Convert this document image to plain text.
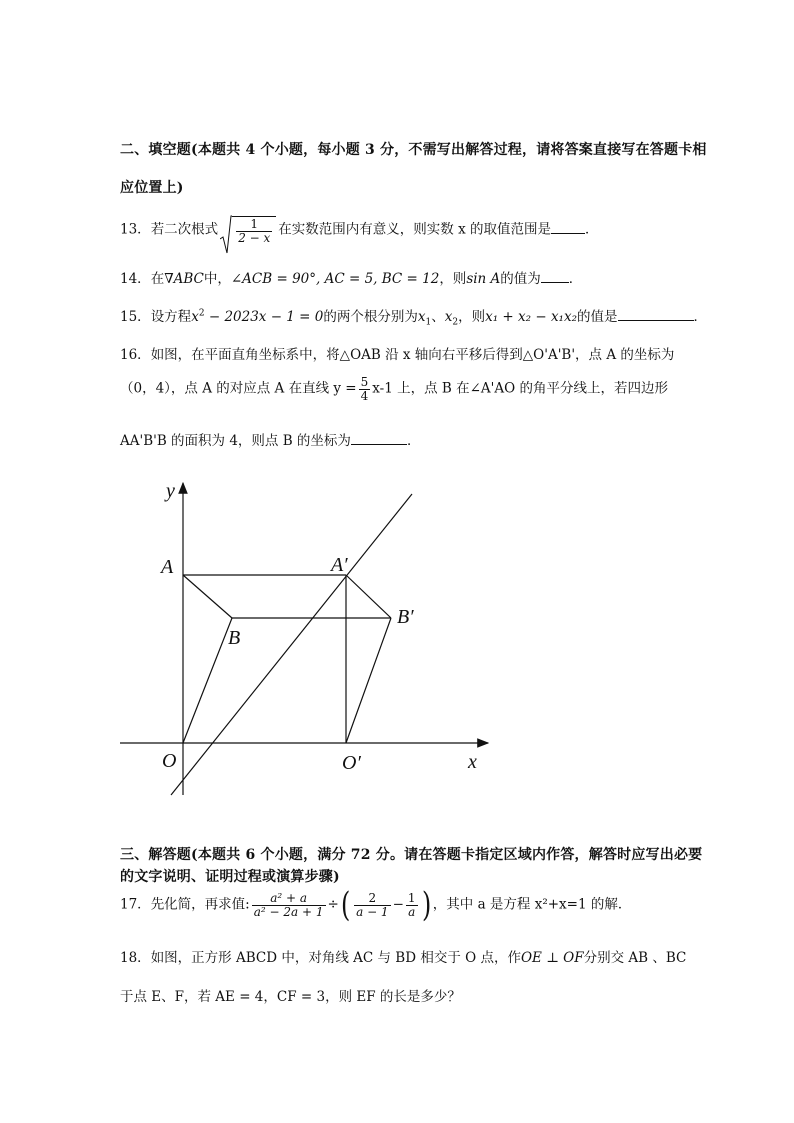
二、填空题(本题共 4 个小题，每小题 3 分，不需写出解答过程，请将答案直接写在答题卡相
应位置上)
13．若二次根式 $\frac{1}{2 - x}$ 在实数范围内有意义，则实数 x 的取值范围是	．
14．在∇ABC中，∠ACB = 90°, AC = 5, BC = 12，则sin A的值为 ．
15．设方程$x^2 - 2023x - 1 = 0$的两个根分别为$x_1$、$x_2$，则x₁ + x₂ − x₁x₂的值是	．
16．如图，在平面直角坐标系中，将△OAB 沿 x 轴向右平移后得到△O'A'B'，点 A 的坐标为
（0，4），点 A 的对应点 A 在直线 $y = \frac{5}{4} x-1$ 上，点 B 在∠A'AO 的角平分线上，若四边形
AA'B'B 的面积为 4，则点 B 的坐标为	．
y
x
A	A′
B
B′
O	O′
三、解答题(本题共 6 个小题，满分 72 分。请在答题卡指定区域内作答，解答时应写出必要
的文字说明、证明过程或演算步骤)
17．先化简，再求值: $\frac{\text{a² + a}}{\text{a² − 2a + 1}}$ ÷( $\frac{2}{a - 1} - \frac{1}{a}$ ) ，其中 a 是方程 x²+x=1 的解．
18．如图，正方形 ABCD 中，对角线 AC 与 BD 相交于 O 点，作OE ⊥ OF分别交 AB 、BC
于点 E、F，若 AE = 4，CF = 3，则 EF 的长是多少？
